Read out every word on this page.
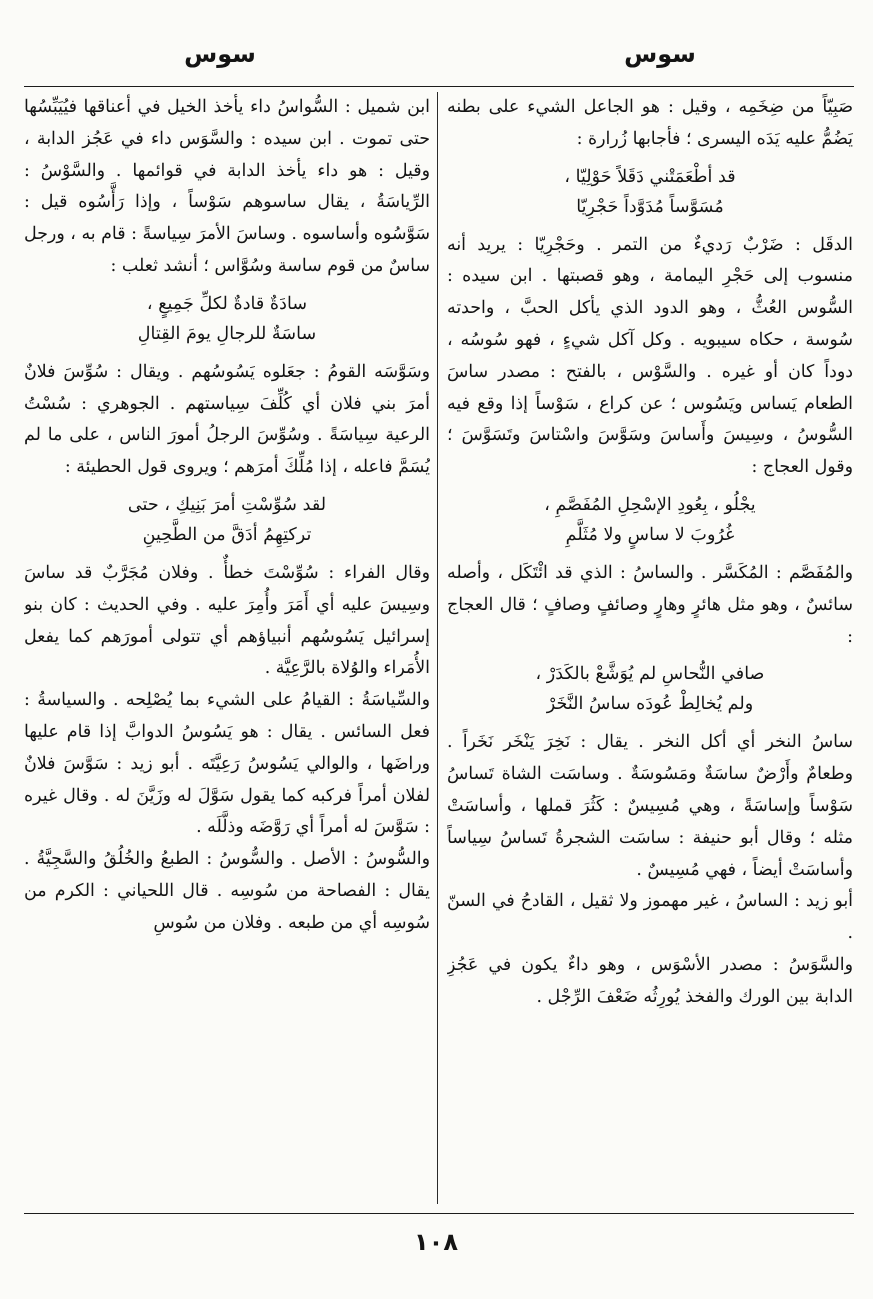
سوس
سوس

صَبِيّاً من ضِخَمِه ، وقيل : هو الجاعل الشيء على بطنه يَضُمُّ عليه يَدَه اليسرى ؛ فأجابها زُرارة :

قد أطْعَمَتْني دَقَلاً حَوْلِيّا ،
مُسَوَّساً مُدَوَّداً حَجْرِيّا

الدقَل : ضَرْبٌ رَديءٌ من التمر . وحَجْرِيّا : يريد أنه منسوب إلى حَجْرِ اليمامة ، وهو قصبتها . ابن سيده : السُّوس العُثُّ ، وهو الدود الذي يأكل الحبَّ ، واحدته سُوسة ، حكاه سيبويه . وكل آكل شيءٍ ، فهو سُوسُه ، دوداً كان أو غيره . والسَّوْس ، بالفتح : مصدر ساسَ الطعام يَساس ويَسُوس ؛ عن كراع ، سَوْساً إذا وقع فيه السُّوسُ ، وسِيسَ وأَساسَ وسَوَّسَ واسْتاسَ وتَسَوَّسَ ؛ وقول العجاج :

يجْلُو ، بِعُودِ الإسْحِلِ المُفَصَّمِ ،
غُرُوبَ لا ساسٍ ولا مُثَلَّمِ

والمُفَصَّم : المُكَسَّر . والساسُ : الذي قد ائْتَكَل ، وأصله سائسٌ ، وهو مثل هائرٍ وهارٍ وصائفٍ وصافٍ ؛ قال العجاج :

صافي النُّحاسِ لم يُوَشَّعْ بالكَدَرْ ،
ولم يُخالِطْ عُودَه ساسُ النَّخَرْ

ساسُ النخر أي أكل النخر . يقال : نَخِرَ يَنْخَر نَخَراً . وطعامٌ وأَرْضٌ ساسَةٌ ومَسُوسَةٌ . وساسَت الشاة تَساسُ سَوْساً وإساسَةً ، وهي مُسِيسٌ : كَثُرَ قملها ، وأساسَتْ مثله ؛ وقال أبو حنيفة : ساسَت الشجرةُ تَساسُ سِياساً وأساسَتْ أيضاً ، فهي مُسِيسٌ .

أبو زيد : الساسُ ، غير مهموز ولا ثقيل ، القادحُ في السنّ .

والسَّوَسُ : مصدر الأسْوَس ، وهو داءٌ يكون في عَجُزِ الدابة بين الورك والفخذ يُورِثُه ضَعْفَ الرِّجْل .

ابن شميل : السُّواسُ داء يأخذ الخيل في أعناقها فيُيَبِّسُها حتى تموت . ابن سيده : والسَّوَس داء في عَجُز الدابة ، وقيل : هو داء يأخذ الدابة في قوائمها . والسَّوْسُ : الرِّياسَةُ ، يقال ساسوهم سَوْساً ، وإذا رَأَّسُوه قيل : سَوَّسُوه وأساسوه . وساسَ الأمرَ سِياسةً : قام به ، ورجل ساسٌ من قوم ساسة وسُوَّاس ؛ أنشد ثعلب :

سادَةٌ قادةٌ لكلِّ جَمِيعٍ ،
ساسَةٌ للرجالِ يومَ القِتالِ

وسَوَّسَه القومُ : جعَلوه يَسُوسُهم . ويقال : سُوِّسَ فلانٌ أمرَ بني فلان أي كُلِّفَ سِياستهم . الجوهري : سُسْتُ الرعية سِياسَةً . وسُوِّسَ الرجلُ أمورَ الناس ، على ما لم يُسَمَّ فاعله ، إذا مُلِّكَ أمرَهم ؛ ويروى قول الحطيئة :

لقد سُوِّسْتِ أمرَ بَنِيكِ ، حتى
تركتِهِمُ أدَقَّ من الطَّحِينِ

وقال الفراء : سُوِّسْتَ خطأٌ . وفلان مُجَرَّبٌ قد ساسَ وسِيسَ عليه أي أَمَرَ وأُمِرَ عليه . وفي الحديث : كان بنو إسرائيل يَسُوسُهم أنبياؤهم أي تتولى أمورَهم كما يفعل الأُمَراء والوُلاة بالرَّعِيَّة .

والسِّياسَةُ : القيامُ على الشيء بما يُصْلِحه . والسياسةُ : فعل السائس . يقال : هو يَسُوسُ الدوابَّ إذا قام عليها وراضَها ، والوالي يَسُوسُ رَعِيَّتَه . أبو زيد : سَوَّسَ فلانٌ لفلان أمراً فركبه كما يقول سَوَّلَ له وزَيَّنَ له . وقال غيره : سَوَّسَ له أمراً أي رَوَّضَه وذلَّلَه .

والسُّوسُ : الأصل . والسُّوسُ : الطبعُ والخُلُقُ والسَّجِيَّةُ . يقال : الفصاحة من سُوسِه . قال اللحياني : الكرم من سُوسِه أي من طبعه . وفلان من سُوسِ

١٠٨
